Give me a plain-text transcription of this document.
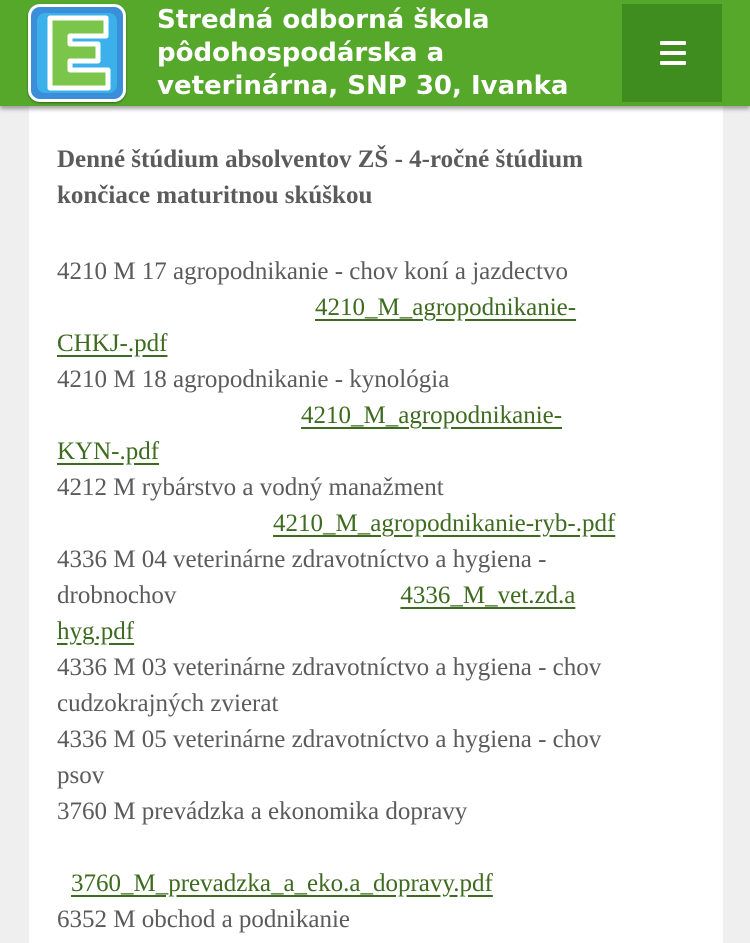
Stredná odborná škola
pôdohospodárska a
veterinárna, SNP 30, Ivanka
Denné štúdium absolventov ZŠ - 4-ročné štúdium
končiace maturitnou skúškou
4210 M 17 agropodnikanie - chov koní a jazdectvo
4210_M_agropodnikanie-
CHKJ-.pdf
4210 M 18 agropodnikanie - kynológia
4210_M_agropodnikanie-
KYN-.pdf
4212 M rybárstvo a vodný manažment
4210_M_agropodnikanie-ryb-.pdf
4336 M 04 veterinárne zdravotníctvo a hygiena -
drobnochov	4336_M_vet.zd.a
hyg.pdf
4336 M 03 veterinárne zdravotníctvo a hygiena - chov
cudzokrajných zvierat
4336 M 05 veterinárne zdravotníctvo a hygiena - chov
psov
3760 M prevádzka a ekonomika dopravy
3760_M_prevadzka_a_eko.a_dopravy.pdf
6352 M obchod a podnikanie
